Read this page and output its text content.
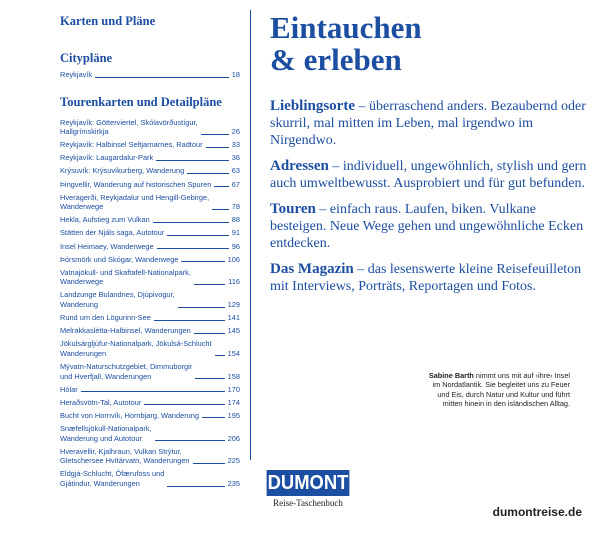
Karten und Pläne
Citypläne
Reykjavík	18
Tourenkarten und Detailpläne
Reykjavík: Götterviertel, Skólavörðustígur,
Hallgrímskirkja	26
Reykjavík: Halbinsel Seltjarnarnes, Radtour	33
Reykjavík: Laugardalur-Park	36
Krýsuvík: Krýsuvíkurberg, Wanderung	63
Þingvellir, Wanderung auf historischen Spuren	67
Hveragerði, Reykjadalur und Hengill-Gebirge,
Wanderwege	78
Hekla, Aufstieg zum Vulkan	88
Stätten der Njáls saga, Autotour	91
Insel Heimaey, Wanderwege	96
Þórsmörk und Skógar, Wanderwege	106
Vatnajökull- und Skaftafell-Nationalpark,
Wanderwege	116
Landzunge Bulandnes, Djúpivogur,
Wanderung	129
Rund um den Lögurinn-See	141
Melrakkaslétta-Halbinsel, Wanderungen	145
Jökulsárgljúfur-Nationalpark, Jökulsá-Schlucht
Wanderungen	154
Mývatn-Naturschutzgebiet, Dimmuborgir
und Hverfjall, Wanderungen	158
Hólar	170
Heraðsvötn-Tal, Autotour	174
Bucht von Hornvík, Hornbjarg, Wanderung	195
Snæfellsjökull-Nationalpark,
Wanderung und Autotour	206
Hveravellir, Kjalhraun, Vulkan Strýtur,
Gletschersee Hvítárvatn, Wanderungen	225
Eldgjá-Schlucht, Ófærufoss und
Gjátindur, Wanderungen	235
Eintauchen
& erleben
Lieblingsorte – überraschend anders. Bezaubernd oder skurril, mal mitten im Leben, mal irgendwo im Nirgendwo.
Adressen – individuell, ungewöhnlich, stylish und gern auch umweltbewusst. Ausprobiert und für gut befunden.
Touren – einfach raus. Laufen, biken. Vulkane besteigen. Neue Wege gehen und ungewöhnliche Ecken entdecken.
Das Magazin – das lesenswerte kleine Reisefeuilleton mit Interviews, Porträts, Reportagen und Fotos.
Sabine Barth nimmt uns mit auf ›ihre‹ Insel im Nordatlantik. Sie begleitet uns zu Feuer und Eis, durch Natur und Kultur und führt mitten hinein in den isländischen Alltag.
DUMONT
Reise-Taschenbuch
dumontreise.de
